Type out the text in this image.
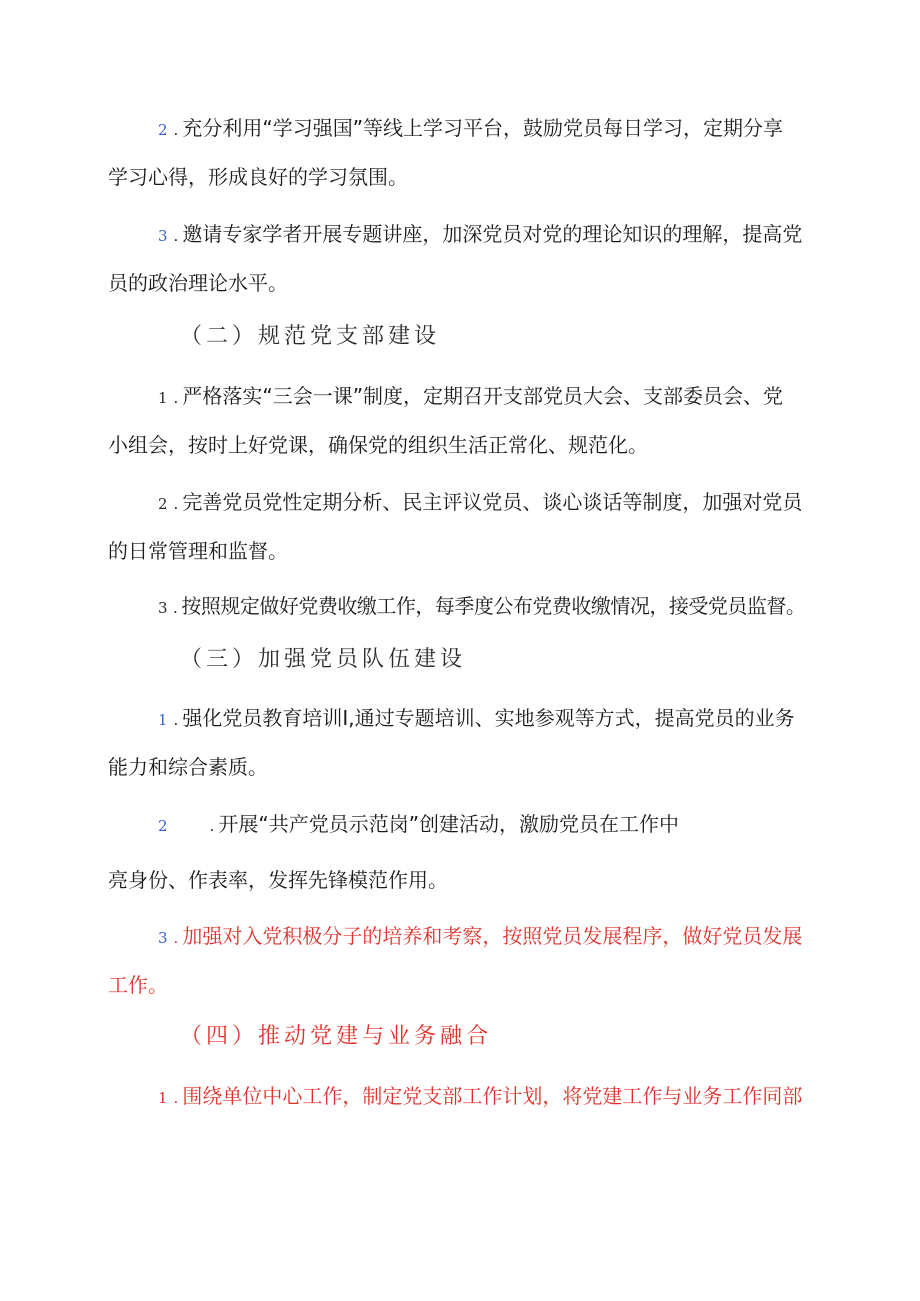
2 . 充分利用“学习强国”等线上学习平台，鼓励党员每日学习，定期分享
学习心得，形成良好的学习氛围。
3 . 邀请专家学者开展专题讲座，加深党员对党的理论知识的理解，提高党
员的政治理论水平。
（二）规范党支部建设
1 . 严格落实“三会一课”制度，定期召开支部党员大会、支部委员会、党
小组会，按时上好党课，确保党的组织生活正常化、规范化。
2 . 完善党员党性定期分析、民主评议党员、谈心谈话等制度，加强对党员
的日常管理和监督。
3 . 按照规定做好党费收缴工作，每季度公布党费收缴情况，接受党员监督。
（三）加强党员队伍建设
1 . 强化党员教育培训I,通过专题培训、实地参观等方式，提高党员的业务
能力和综合素质。
2	. 开展“共产党员示范岗”创建活动，激励党员在工作中
亮身份、作表率，发挥先锋模范作用。
3 . 加强对入党积极分子的培养和考察，按照党员发展程序，做好党员发展
工作。
（四）推动党建与业务融合
1 . 围绕单位中心工作，制定党支部工作计划，将党建工作与业务工作同部
